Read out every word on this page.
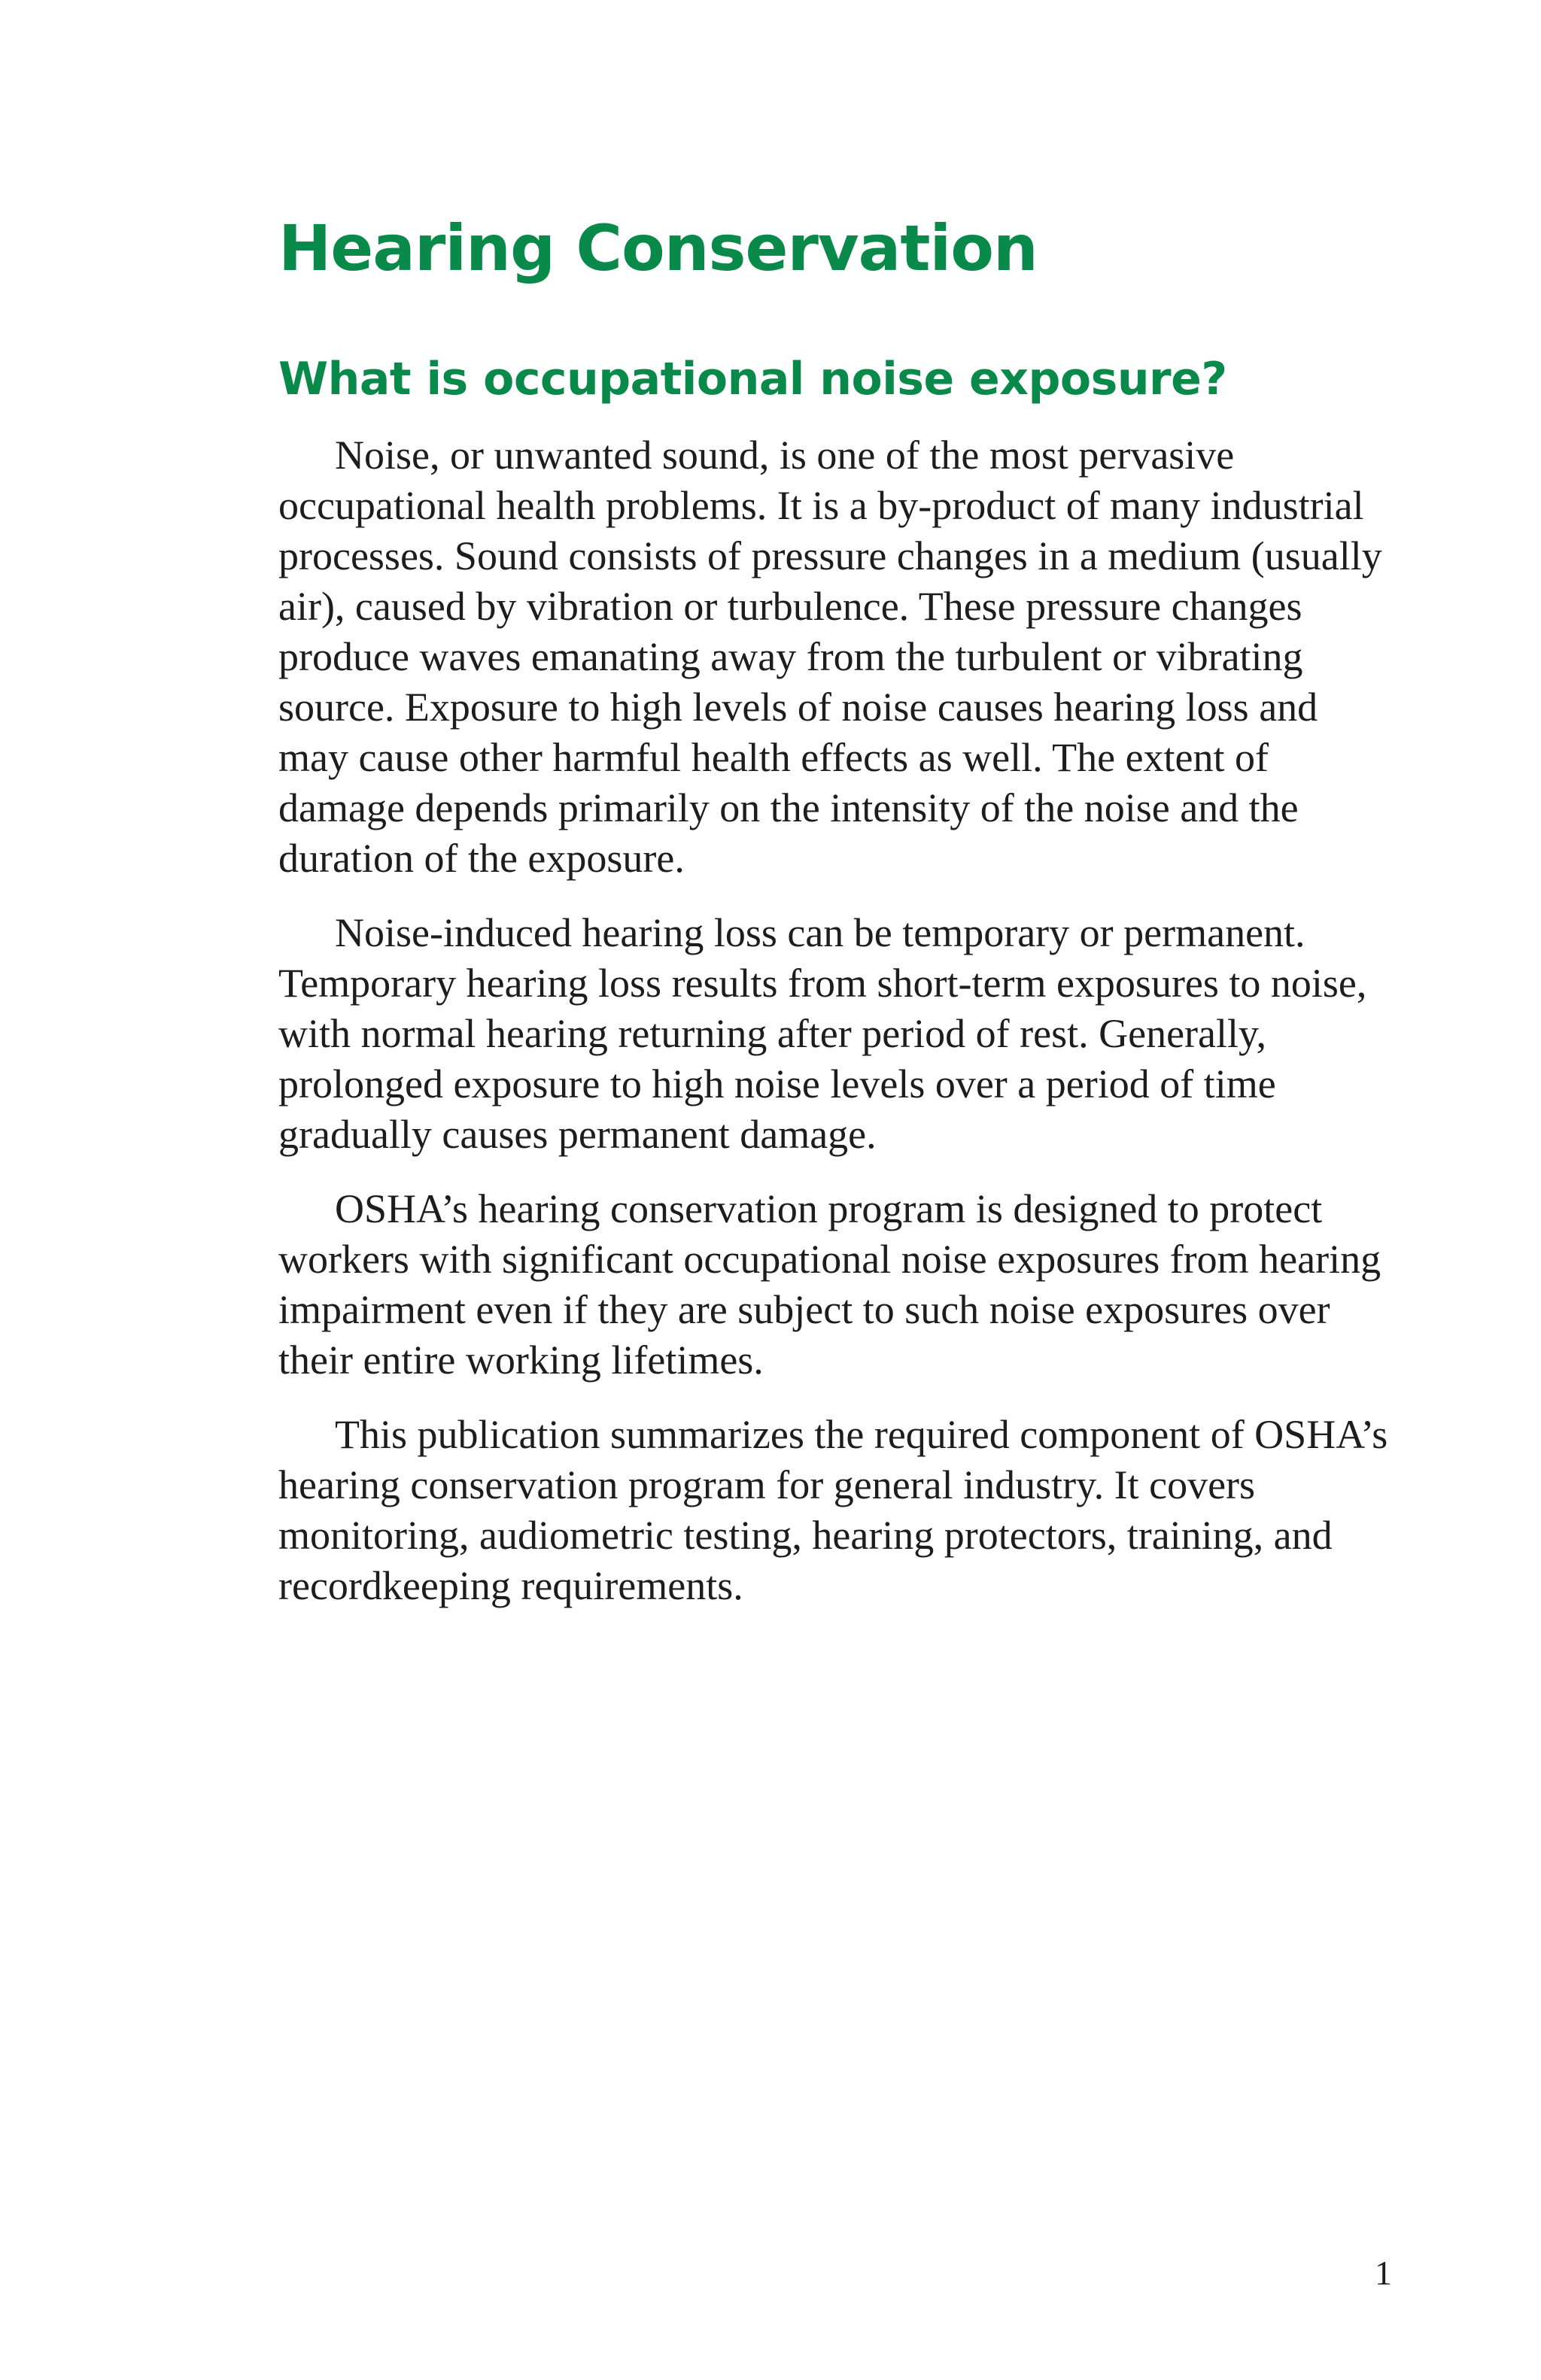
Hearing Conservation
What is occupational noise exposure?

Noise, or unwanted sound, is one of the most pervasive occupational health problems. It is a by-product of many industrial processes. Sound consists of pressure changes in a medium (usually air), caused by vibration or turbulence. These pressure changes produce waves emanating away from the turbulent or vibrating source. Exposure to high levels of noise causes hearing loss and may cause other harmful health effects as well. The extent of damage depends primarily on the intensity of the noise and the duration of the exposure.

Noise-induced hearing loss can be temporary or permanent. Temporary hearing loss results from short-term exposures to noise, with normal hearing returning after period of rest. Generally, prolonged exposure to high noise levels over a period of time gradually causes permanent damage.

OSHA’s hearing conservation program is designed to protect workers with significant occupational noise exposures from hearing impairment even if they are subject to such noise exposures over their entire working lifetimes.

This publication summarizes the required component of OSHA’s hearing conservation program for general industry. It covers monitoring, audiometric testing, hearing protectors, training, and recordkeeping requirements.

1
